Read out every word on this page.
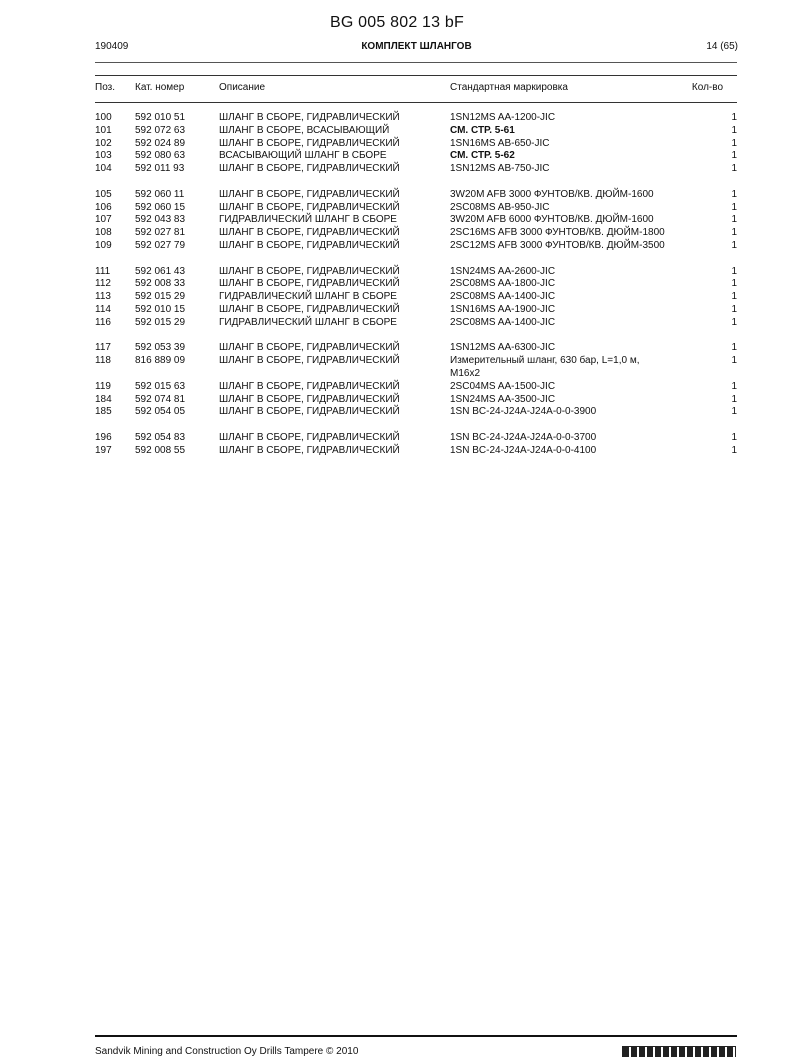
BG 005 802 13 bF
190409	КОМПЛЕКТ ШЛАНГОВ	14 (65)
Поз.	Кат. номер	Описание	Стандартная маркировка	Кол-во

100	592 010 51	ШЛАНГ В СБОРЕ, ГИДРАВЛИЧЕСКИЙ	1SN12MS AA-1200-JIC	1
101	592 072 63	ШЛАНГ В СБОРЕ, ВСАСЫВАЮЩИЙ	СМ. СТР. 5-61	1
102	592 024 89	ШЛАНГ В СБОРЕ, ГИДРАВЛИЧЕСКИЙ	1SN16MS AB-650-JIC	1
103	592 080 63	ВСАСЫВАЮЩИЙ ШЛАНГ В СБОРЕ	СМ. СТР. 5-62	1
104	592 011 93	ШЛАНГ В СБОРЕ, ГИДРАВЛИЧЕСКИЙ	1SN12MS AB-750-JIC	1

105	592 060 11	ШЛАНГ В СБОРЕ, ГИДРАВЛИЧЕСКИЙ	3W20M AFB 3000 ФУНТОВ/КВ. ДЮЙМ-1600	1
106	592 060 15	ШЛАНГ В СБОРЕ, ГИДРАВЛИЧЕСКИЙ	2SC08MS AB-950-JIC	1
107	592 043 83	ГИДРАВЛИЧЕСКИЙ ШЛАНГ В СБОРЕ	3W20M AFB 6000 ФУНТОВ/КВ. ДЮЙМ-1600	1
108	592 027 81	ШЛАНГ В СБОРЕ, ГИДРАВЛИЧЕСКИЙ	2SC16MS AFB 3000 ФУНТОВ/КВ. ДЮЙМ-1800	1
109	592 027 79	ШЛАНГ В СБОРЕ, ГИДРАВЛИЧЕСКИЙ	2SC12MS AFB 3000 ФУНТОВ/КВ. ДЮЙМ-3500	1

111	592 061 43	ШЛАНГ В СБОРЕ, ГИДРАВЛИЧЕСКИЙ	1SN24MS AA-2600-JIC	1
112	592 008 33	ШЛАНГ В СБОРЕ, ГИДРАВЛИЧЕСКИЙ	2SC08MS AA-1800-JIC	1
113	592 015 29	ГИДРАВЛИЧЕСКИЙ ШЛАНГ В СБОРЕ	2SC08MS AA-1400-JIC	1
114	592 010 15	ШЛАНГ В СБОРЕ, ГИДРАВЛИЧЕСКИЙ	1SN16MS AA-1900-JIC	1
116	592 015 29	ГИДРАВЛИЧЕСКИЙ ШЛАНГ В СБОРЕ	2SC08MS AA-1400-JIC	1

117	592 053 39	ШЛАНГ В СБОРЕ, ГИДРАВЛИЧЕСКИЙ	1SN12MS AA-6300-JIC	1
118	816 889 09	ШЛАНГ В СБОРЕ, ГИДРАВЛИЧЕСКИЙ	Измерительный шланг, 630 бар, L=1,0 м,
M16x2	1
119	592 015 63	ШЛАНГ В СБОРЕ, ГИДРАВЛИЧЕСКИЙ	2SC04MS AA-1500-JIC	1
184	592 074 81	ШЛАНГ В СБОРЕ, ГИДРАВЛИЧЕСКИЙ	1SN24MS AA-3500-JIC	1
185	592 054 05	ШЛАНГ В СБОРЕ, ГИДРАВЛИЧЕСКИЙ	1SN BC-24-J24A-J24A-0-0-3900	1

196	592 054 83	ШЛАНГ В СБОРЕ, ГИДРАВЛИЧЕСКИЙ	1SN BC-24-J24A-J24A-0-0-3700	1
197	592 008 55	ШЛАНГ В СБОРЕ, ГИДРАВЛИЧЕСКИЙ	1SN BC-24-J24A-J24A-0-0-4100	1
Sandvik Mining and Construction Oy Drills Tampere © 2010
